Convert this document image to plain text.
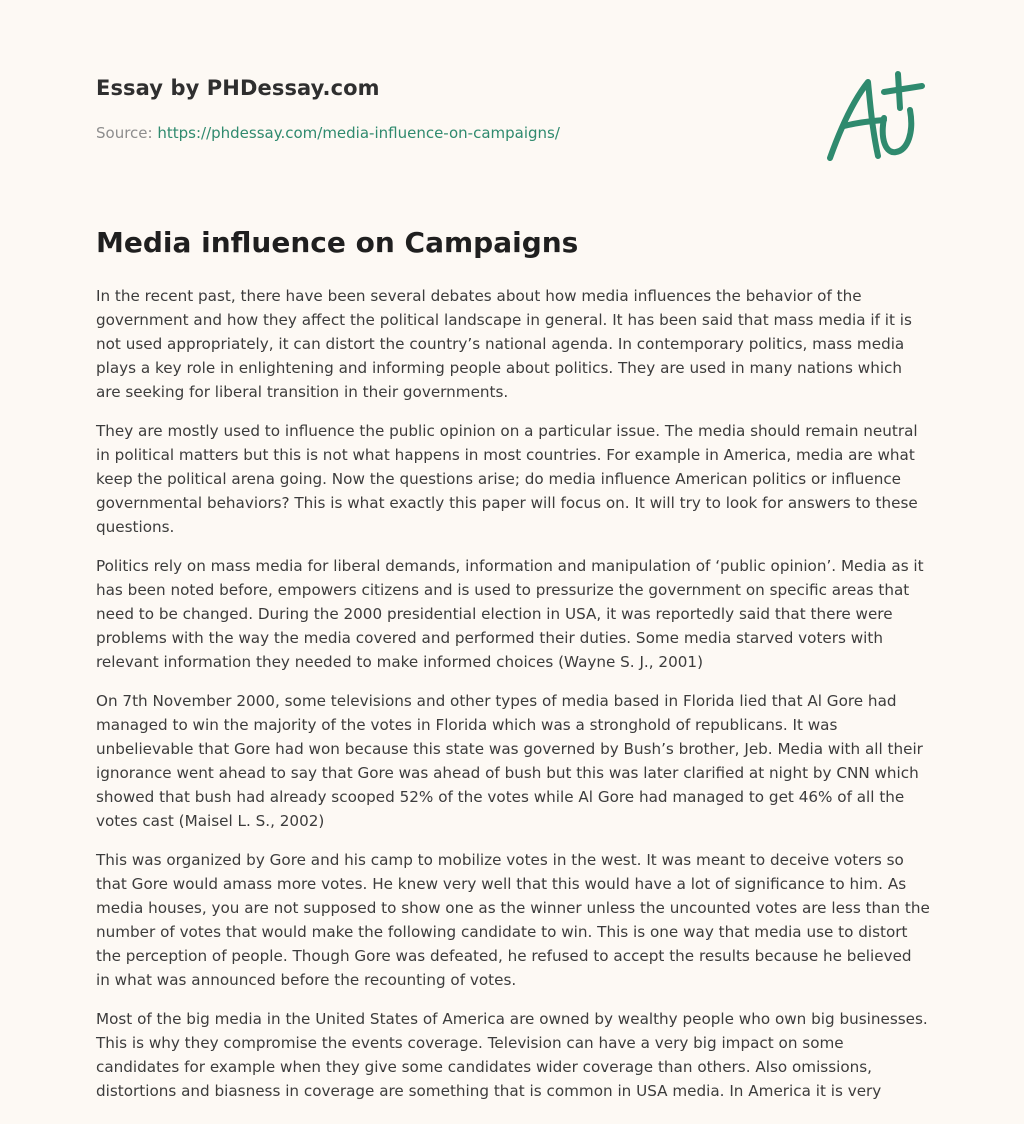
Essay by PHDessay.com
Source: https://phdessay.com/media-influence-on-campaigns/
Media influence on Campaigns

In the recent past, there have been several debates about how media influences the behavior of the government and how they affect the political landscape in general. It has been said that mass media if it is not used appropriately, it can distort the country’s national agenda. In contemporary politics, mass media plays a key role in enlightening and informing people about politics. They are used in many nations which are seeking for liberal transition in their governments.

They are mostly used to influence the public opinion on a particular issue. The media should remain neutral in political matters but this is not what happens in most countries. For example in America, media are what keep the political arena going. Now the questions arise; do media influence American politics or influence governmental behaviors? This is what exactly this paper will focus on. It will try to look for answers to these questions.

Politics rely on mass media for liberal demands, information and manipulation of ‘public opinion’. Media as it has been noted before, empowers citizens and is used to pressurize the government on specific areas that need to be changed. During the 2000 presidential election in USA, it was reportedly said that there were problems with the way the media covered and performed their duties. Some media starved voters with relevant information they needed to make informed choices (Wayne S. J., 2001)

On 7th November 2000, some televisions and other types of media based in Florida lied that Al Gore had managed to win the majority of the votes in Florida which was a stronghold of republicans. It was unbelievable that Gore had won because this state was governed by Bush’s brother, Jeb. Media with all their ignorance went ahead to say that Gore was ahead of bush but this was later clarified at night by CNN which showed that bush had already scooped 52% of the votes while Al Gore had managed to get 46% of all the votes cast (Maisel L. S., 2002)

This was organized by Gore and his camp to mobilize votes in the west. It was meant to deceive voters so that Gore would amass more votes. He knew very well that this would have a lot of significance to him. As media houses, you are not supposed to show one as the winner unless the uncounted votes are less than the number of votes that would make the following candidate to win. This is one way that media use to distort the perception of people. Though Gore was defeated, he refused to accept the results because he believed in what was announced before the recounting of votes.

Most of the big media in the United States of America are owned by wealthy people who own big businesses. This is why they compromise the events coverage. Television can have a very big impact on some candidates for example when they give some candidates wider coverage than others. Also omissions, distortions and biasness in coverage are something that is common in USA media. In America it is very
